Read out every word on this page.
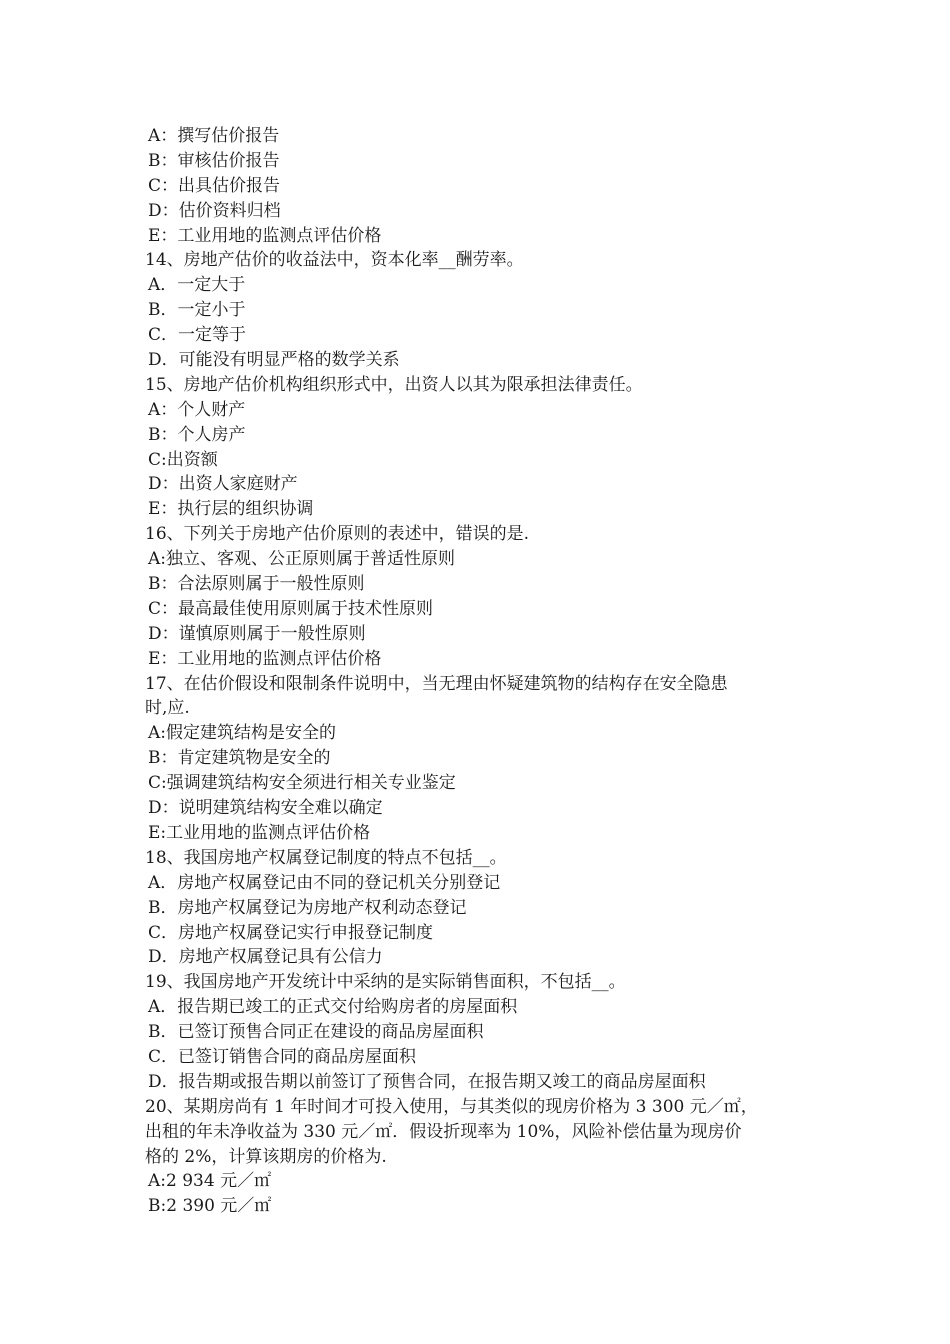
A：撰写估价报告
B：审核估价报告
C：出具估价报告
D：估价资料归档
E：工业用地的监测点评估价格
14、房地产估价的收益法中，资本化率__酬劳率。
A．一定大于
B．一定小于
C．一定等于
D．可能没有明显严格的数学关系
15、房地产估价机构组织形式中，出资人以其为限承担法律责任。
A：个人财产
B：个人房产
C:出资额
D：出资人家庭财产
E：执行层的组织协调
16、下列关于房地产估价原则的表述中，错误的是.
A:独立、客观、公正原则属于普适性原则
B：合法原则属于一般性原则
C：最高最佳使用原则属于技术性原则
D：谨慎原则属于一般性原则
E：工业用地的监测点评估价格
17、在估价假设和限制条件说明中，当无理由怀疑建筑物的结构存在安全隐患
时,应.
A:假定建筑结构是安全的
B：肯定建筑物是安全的
C:强调建筑结构安全须进行相关专业鉴定
D：说明建筑结构安全难以确定
E:工业用地的监测点评估价格
18、我国房地产权属登记制度的特点不包括__。
A．房地产权属登记由不同的登记机关分别登记
B．房地产权属登记为房地产权利动态登记
C．房地产权属登记实行申报登记制度
D．房地产权属登记具有公信力
19、我国房地产开发统计中采纳的是实际销售面积，不包括__。
A．报告期已竣工的正式交付给购房者的房屋面积
B．已签订预售合同正在建设的商品房屋面积
C．已签订销售合同的商品房屋面积
D．报告期或报告期以前签订了预售合同，在报告期又竣工的商品房屋面积
20、某期房尚有 1 年时间才可投入使用，与其类似的现房价格为 3 300 元／㎡，
出租的年未净收益为 330 元／㎡．假设折现率为 10%，风险补偿估量为现房价
格的 2%，计算该期房的价格为.
A:2 934 元／㎡
B:2 390 元／㎡
